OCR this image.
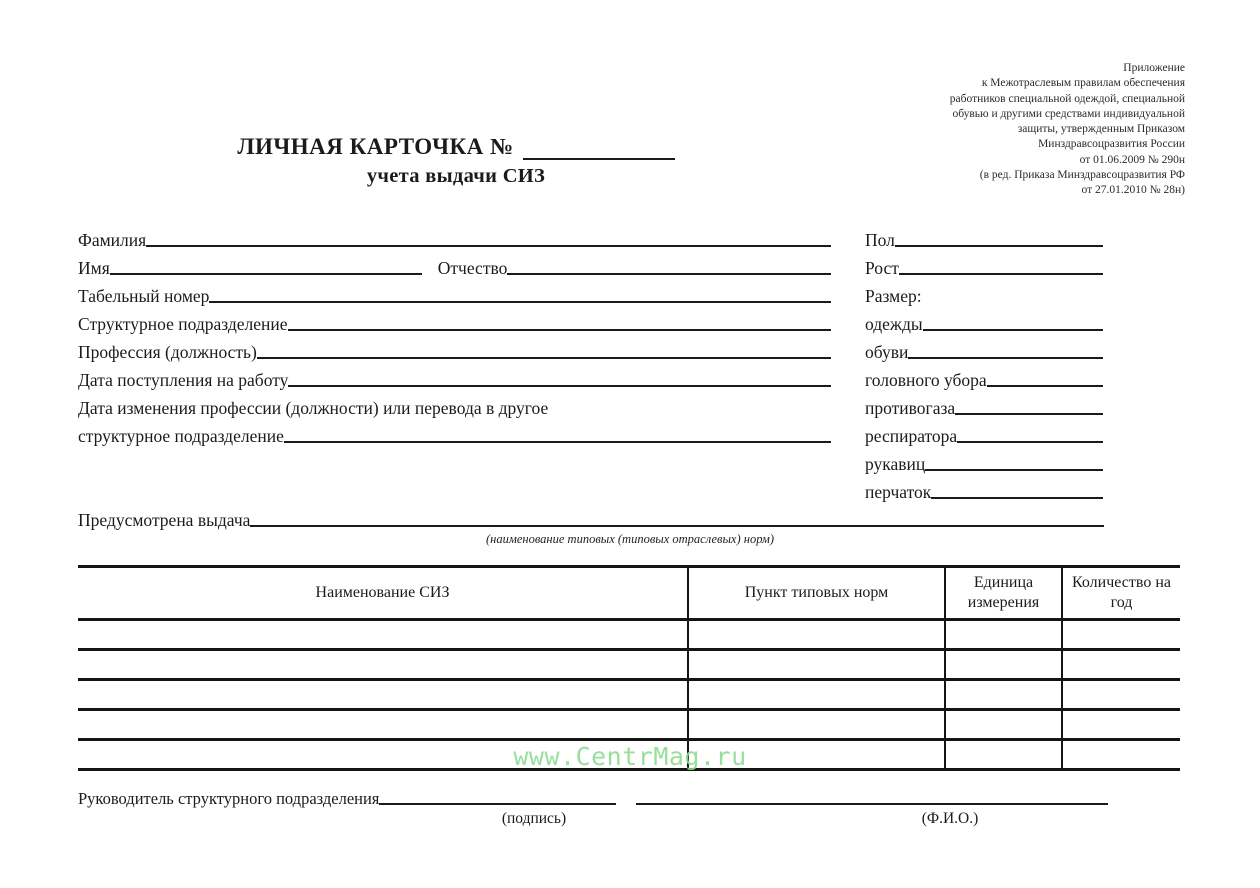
Приложение
к Межотраслевым правилам обеспечения
работников специальной одеждой, специальной
обувью и другими средствами индивидуальной
защиты, утвержденным Приказом
Минздравсоцразвития России
от 01.06.2009 № 290н
(в ред. Приказа Минздравсоцразвития РФ
от 27.01.2010 № 28н)
ЛИЧНАЯ КАРТОЧКА №
учета выдачи СИЗ
Фамилия
Имя	Отчество
Табельный номер
Структурное подразделение
Профессия (должность)
Дата поступления на работу
Дата изменения профессии (должности) или перевода в другое
структурное подразделение
Пол
Рост
Размер:
одежды
обуви
головного убора
противогаза
респиратора
рукавиц
перчаток
Предусмотрена выдача
(наименование типовых (типовых отраслевых) норм)
Наименование СИЗ	Пункт типовых норм	Единица измерения	Количество на год

www.CentrMag.ru
Руководитель структурного подразделения
(подпись)	(Ф.И.О.)
